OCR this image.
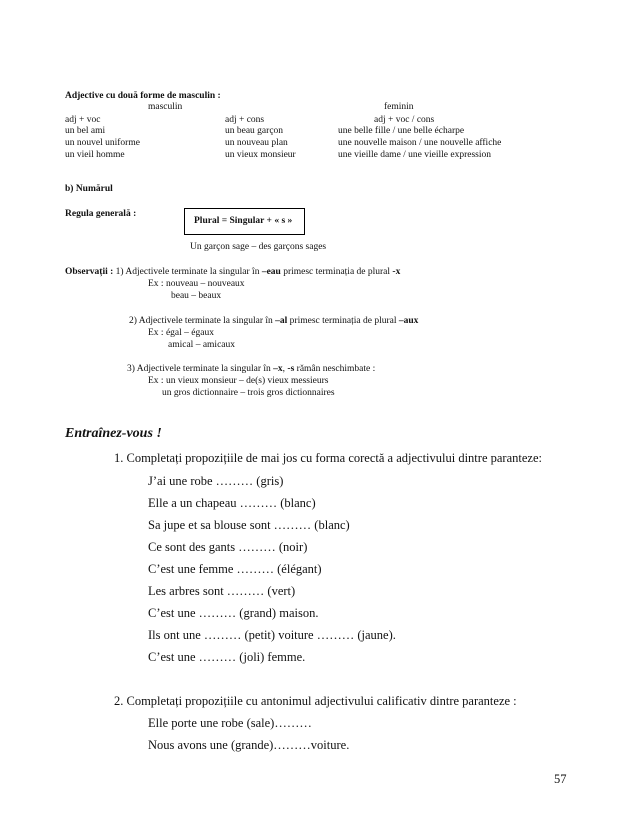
Adjective cu două forme de masculin :
masculin	feminin
adj + voc	adj + cons	adj + voc / cons
un bel ami	un beau garçon	une belle fille / une belle écharpe
un nouvel uniforme	un nouveau plan	une nouvelle maison / une nouvelle affiche
un vieil homme	un vieux monsieur	une vieille dame / une vieille expression
b) Numărul
Regula generală :
Plural = Singular + « s »
Un garçon sage – des garçons sages
Observații : 1) Adjectivele terminate la singular în –eau primesc terminația de plural -x
Ex : nouveau – nouveaux
beau – beaux
2) Adjectivele terminate la singular în –al primesc terminația de plural –aux
Ex : égal – égaux
amical – amicaux
3) Adjectivele terminate la singular în –x, -s rămân neschimbate :
Ex : un vieux monsieur – de(s) vieux messieurs
un gros dictionnaire – trois gros dictionnaires
Entraînez-vous !
1. Completați propozițiile de mai jos cu forma corectă a adjectivului dintre paranteze:
J’ai une robe ……… (gris)
Elle a un chapeau ……… (blanc)
Sa jupe et sa blouse sont ……… (blanc)
Ce sont des gants ……… (noir)
C’est une femme ……… (élégant)
Les arbres sont ……… (vert)
C’est une ……… (grand) maison.
Ils ont une ……… (petit) voiture ……… (jaune).
C’est une ……… (joli) femme.
2. Completați propozițiile cu antonimul adjectivului calificativ dintre paranteze :
Elle porte une robe (sale)………
Nous avons une (grande)………voiture.
57
